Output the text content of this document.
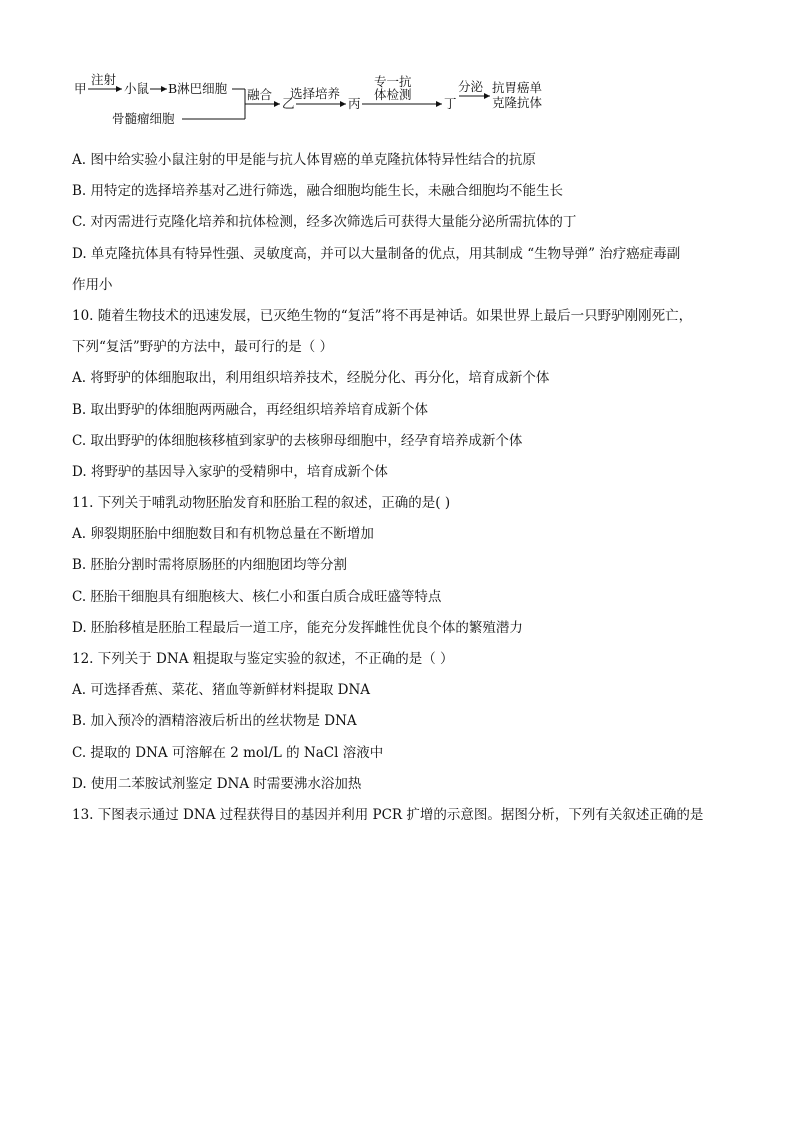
甲
注射
小鼠 B淋巴细胞
骨髓瘤细胞
融合
乙
选择培养
丙
专一抗
体检测
丁
分泌 抗胃癌单
克隆抗体
A. 图中给实验小鼠注射的甲是能与抗人体胃癌的单克隆抗体特异性结合的抗原
B. 用特定的选择培养基对乙进行筛选，融合细胞均能生长，未融合细胞均不能生长
C. 对丙需进行克隆化培养和抗体检测，经多次筛选后可获得大量能分泌所需抗体的丁
D. 单克隆抗体具有特异性强、灵敏度高，并可以大量制备的优点，用其制成 “生物导弹” 治疗癌症毒副
作用小
10. 随着生物技术的迅速发展，已灭绝生物的“复活”将不再是神话。如果世界上最后一只野驴刚刚死亡，
下列“复活”野驴的方法中，最可行的是（ ）
A. 将野驴的体细胞取出，利用组织培养技术，经脱分化、再分化，培育成新个体
B. 取出野驴的体细胞两两融合，再经组织培养培育成新个体
C. 取出野驴的体细胞核移植到家驴的去核卵母细胞中，经孕育培养成新个体
D. 将野驴的基因导入家驴的受精卵中，培育成新个体
11. 下列关于哺乳动物胚胎发育和胚胎工程的叙述，正确的是( )
A. 卵裂期胚胎中细胞数目和有机物总量在不断增加
B. 胚胎分割时需将原肠胚的内细胞团均等分割
C. 胚胎干细胞具有细胞核大、核仁小和蛋白质合成旺盛等特点
D. 胚胎移植是胚胎工程最后一道工序，能充分发挥雌性优良个体的繁殖潜力
12. 下列关于 DNA 粗提取与鉴定实验的叙述，不正确的是（ ）
A. 可选择香蕉、菜花、猪血等新鲜材料提取 DNA
B. 加入预冷的酒精溶液后析出的丝状物是 DNA
C. 提取的 DNA 可溶解在 2 mol/L 的 NaCl 溶液中
D. 使用二苯胺试剂鉴定 DNA 时需要沸水浴加热
13. 下图表示通过 DNA 过程获得目的基因并利用 PCR 扩增的示意图。据图分析，下列有关叙述正确的是
